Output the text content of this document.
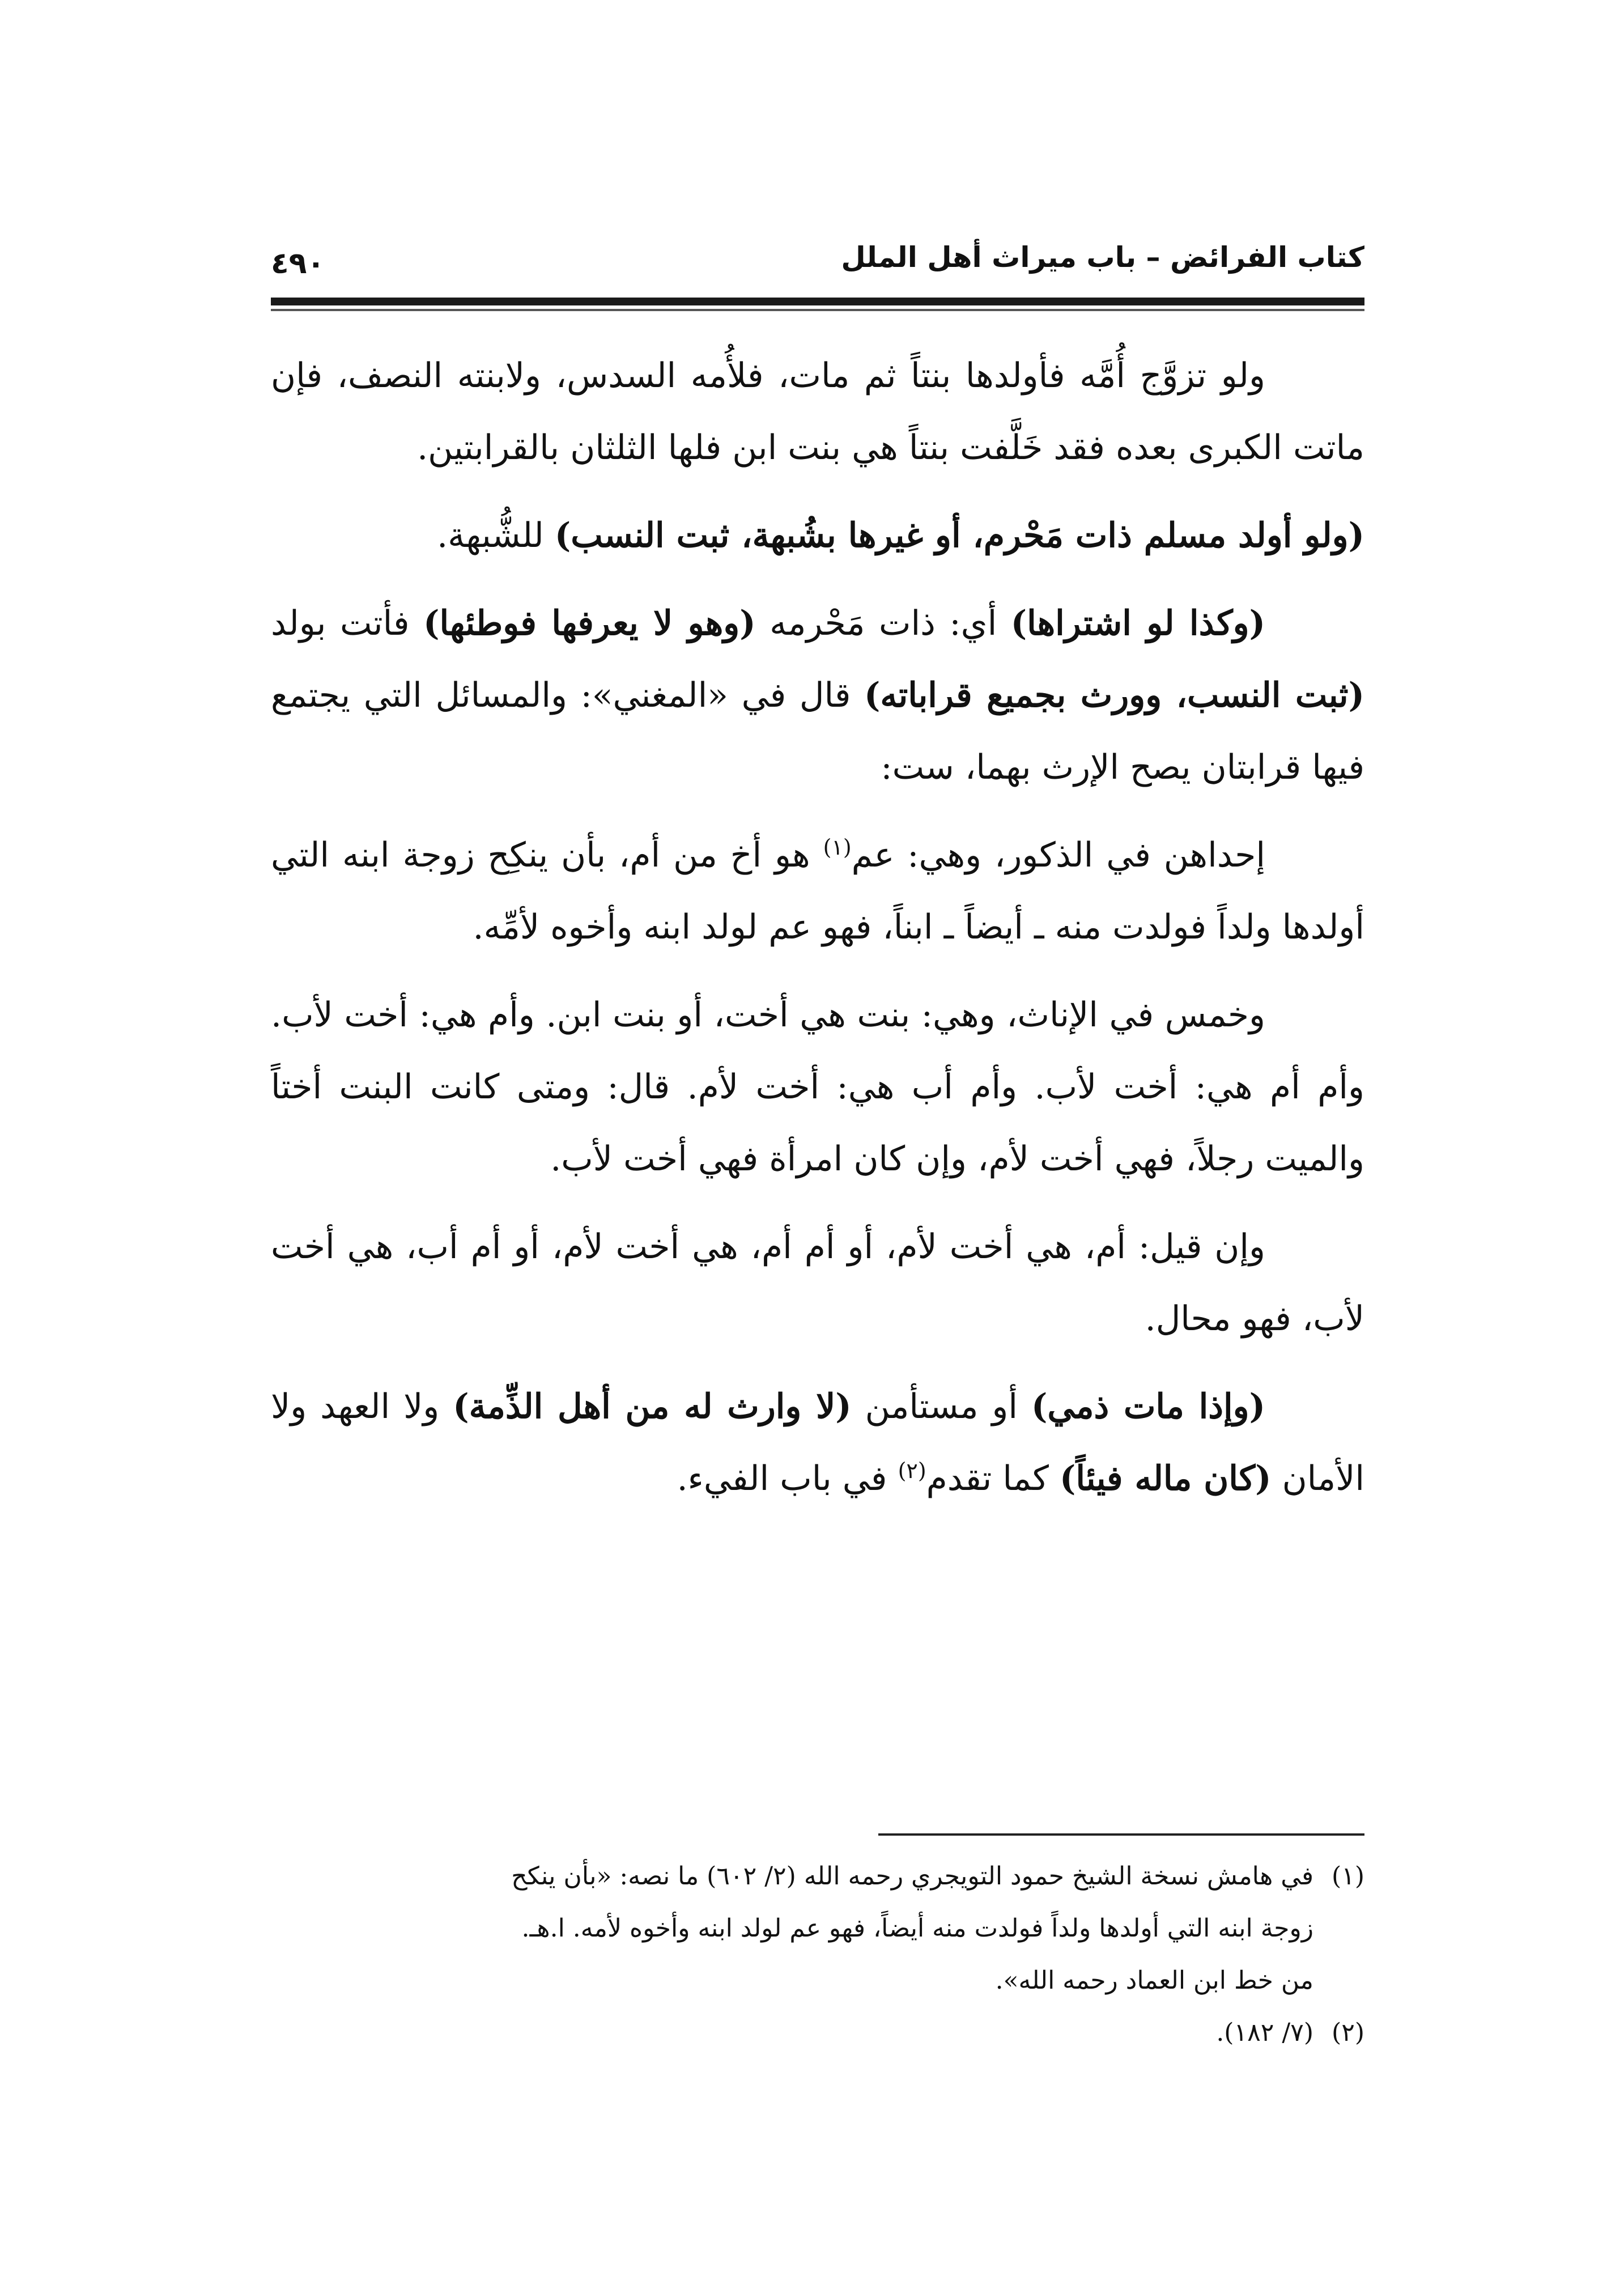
كتاب الفرائض – باب ميراث أهل الملل
٤٩٠

ولو تزوَّج أُمَّه فأولدها بنتاً ثم مات، فلأُمه السدس، ولابنته النصف، فإن ماتت الكبرى بعده فقد خَلَّفت بنتاً هي بنت ابن فلها الثلثان بالقرابتين.

(ولو أولد مسلم ذات مَحْرم، أو غيرها بشُبهة، ثبت النسب) للشُّبهة.

(وكذا لو اشتراها) أي: ذات مَحْرمه (وهو لا يعرفها فوطئها) فأتت بولد (ثبت النسب، وورث بجميع قراباته) قال في «المغني»: والمسائل التي يجتمع فيها قرابتان يصح الإرث بهما، ست:

إحداهن في الذكور، وهي: عم$^{(١)}$ هو أخ من أم، بأن ينكِح زوجة ابنه التي أولدها ولداً فولدت منه ـ أيضاً ـ ابناً، فهو عم لولد ابنه وأخوه لأمِّه.

وخمس في الإناث، وهي: بنت هي أخت، أو بنت ابن. وأم هي: أخت لأب. وأم أم هي: أخت لأب. وأم أب هي: أخت لأم. قال: ومتى كانت البنت أختاً والميت رجلاً، فهي أخت لأم، وإن كان امرأة فهي أخت لأب.

وإن قيل: أم، هي أخت لأم، أو أم أم، هي أخت لأم، أو أم أب، هي أخت لأب، فهو محال.

(وإذا مات ذمي) أو مستأمن (لا وارث له من أهل الذِّمة) ولا العهد ولا الأمان (كان ماله فيئاً) كما تقدم$^{(٢)}$ في باب الفيء.

(١)
في هامش نسخة الشيخ حمود التويجري رحمه الله (٢/ ٦٠٢) ما نصه: «بأن ينكح
زوجة ابنه التي أولدها ولداً فولدت منه أيضاً، فهو عم لولد ابنه وأخوه لأمه. ا.هـ.
من خط ابن العماد رحمه الله».
(٢)
(٧/ ١٨٢).
